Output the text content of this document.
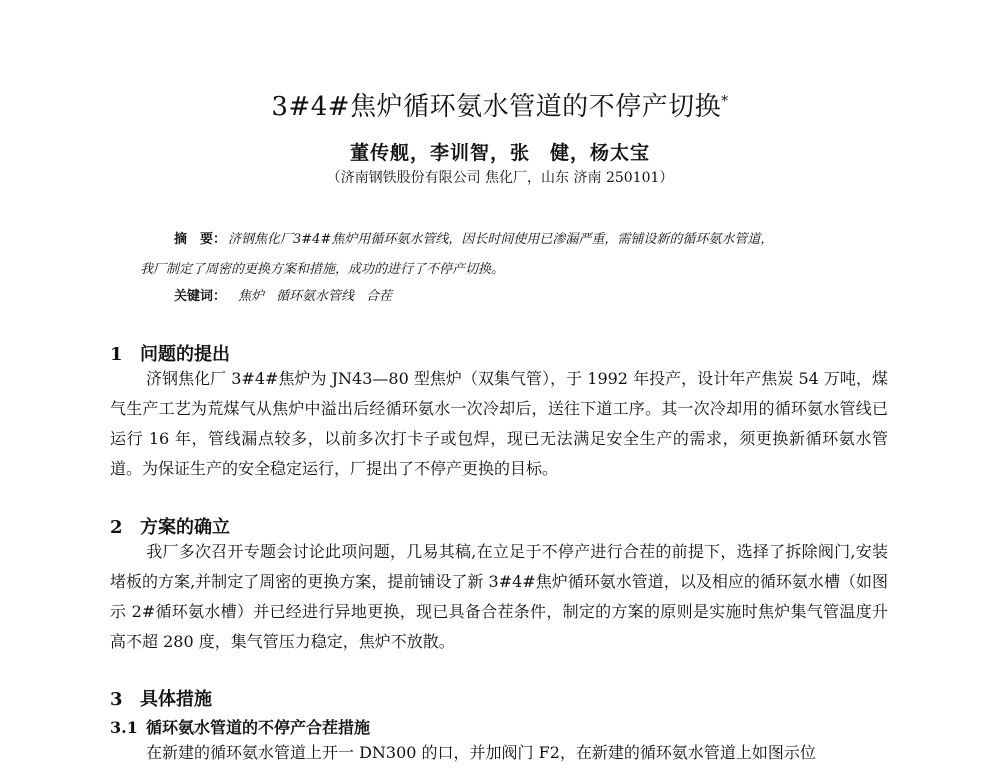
3#4#焦炉循环氨水管道的不停产切换*
董传舰，李训智，张　健，杨太宝
（济南钢铁股份有限公司 焦化厂，山东 济南 250101）
摘　要： 济钢焦化厂3#4#焦炉用循环氨水管线，因长时间使用已渗漏严重，需铺设新的循环氨水管道，
我厂制定了周密的更换方案和措施，成功的进行了不停产切换。
关键词： 焦炉 循环氨水管线 合茬
1 问题的提出
济钢焦化厂 3#4#焦炉为 JN43—80 型焦炉（双集气管），于 1992 年投产，设计年产焦炭 54 万吨，煤气生产工艺为荒煤气从焦炉中溢出后经循环氨水一次冷却后，送往下道工序。其一次冷却用的循环氨水管线已运行 16 年，管线漏点较多，以前多次打卡子或包焊，现已无法满足安全生产的需求，须更换新循环氨水管道。为保证生产的安全稳定运行，厂提出了不停产更换的目标。
2 方案的确立
我厂多次召开专题会讨论此项问题，几易其稿,在立足于不停产进行合茬的前提下，选择了拆除阀门,安装堵板的方案,并制定了周密的更换方案，提前铺设了新 3#4#焦炉循环氨水管道，以及相应的循环氨水槽（如图示 2#循环氨水槽）并已经进行异地更换，现已具备合茬条件，制定的方案的原则是实施时焦炉集气管温度升高不超 280 度，集气管压力稳定，焦炉不放散。
3 具体措施
3.1 循环氨水管道的不停产合茬措施
在新建的循环氨水管道上开一 DN300 的口，并加阀门 F2，在新建的循环氨水管道上如图示位
